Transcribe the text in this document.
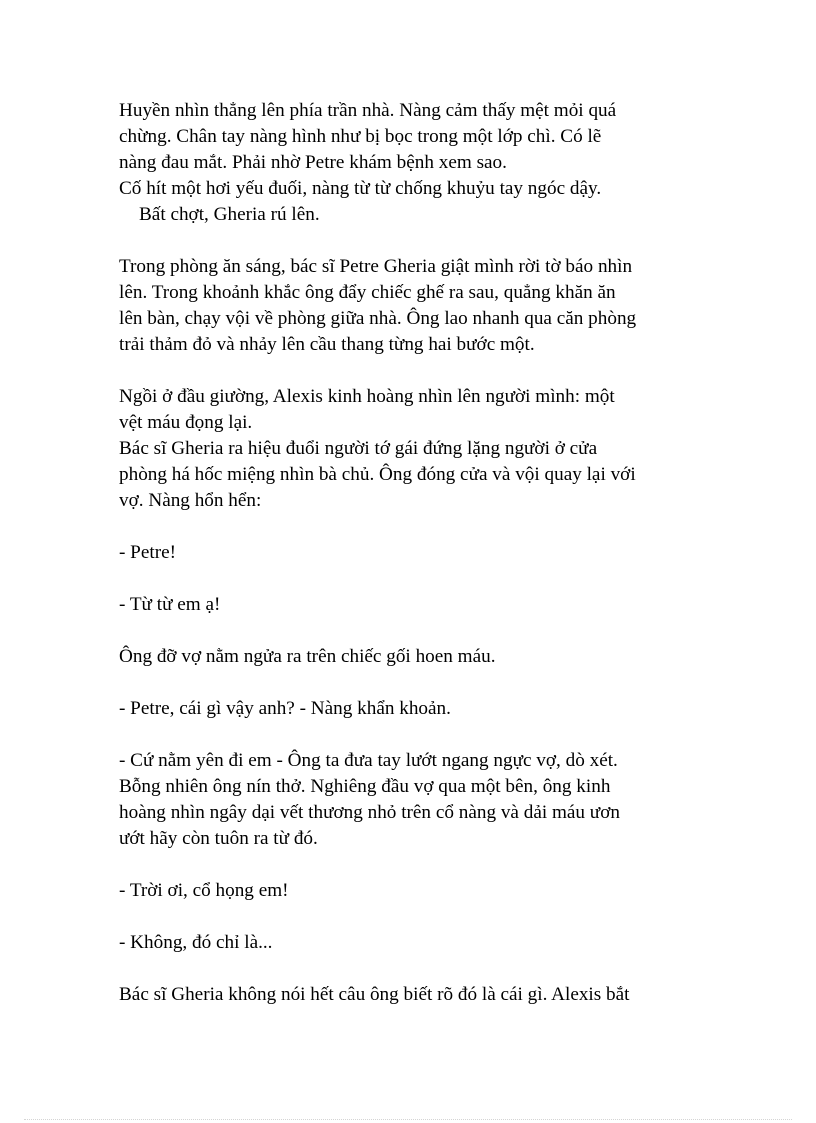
Huyền nhìn thẳng lên phía trần nhà. Nàng cảm thấy mệt mỏi quá

chừng. Chân tay nàng hình như bị bọc trong một lớp chì. Có lẽ

nàng đau mắt. Phải nhờ Petre khám bệnh xem sao.

Cố hít một hơi yếu đuối, nàng từ từ chống khuỷu tay ngóc dậy.

Bất chợt, Gheria rú lên.

Trong phòng ăn sáng, bác sĩ Petre Gheria giật mình rời tờ báo nhìn

lên. Trong khoảnh khắc ông đẩy chiếc ghế ra sau, quẳng khăn ăn

lên bàn, chạy vội về phòng giữa nhà. Ông lao nhanh qua căn phòng

trải thảm đỏ và nhảy lên cầu thang từng hai bước một.

Ngồi ở đầu giường, Alexis kinh hoàng nhìn lên người mình: một

vệt máu đọng lại.

Bác sĩ Gheria ra hiệu đuổi người tớ gái đứng lặng người ở cửa

phòng há hốc miệng nhìn bà chủ. Ông đóng cửa và vội quay lại với

vợ. Nàng hổn hển:

- Petre!

- Từ từ em ạ!

Ông đỡ vợ nằm ngửa ra trên chiếc gối hoen máu.

- Petre, cái gì vậy anh? - Nàng khẩn khoản.

- Cứ nằm yên đi em - Ông ta đưa tay lướt ngang ngực vợ, dò xét.

Bỗng nhiên ông nín thở. Nghiêng đầu vợ qua một bên, ông kinh

hoàng nhìn ngây dại vết thương nhỏ trên cổ nàng và dải máu ươn

ướt hãy còn tuôn ra từ đó.

- Trời ơi, cổ họng em!

- Không, đó chỉ là...

Bác sĩ Gheria không nói hết câu ông biết rõ đó là cái gì. Alexis bắt
